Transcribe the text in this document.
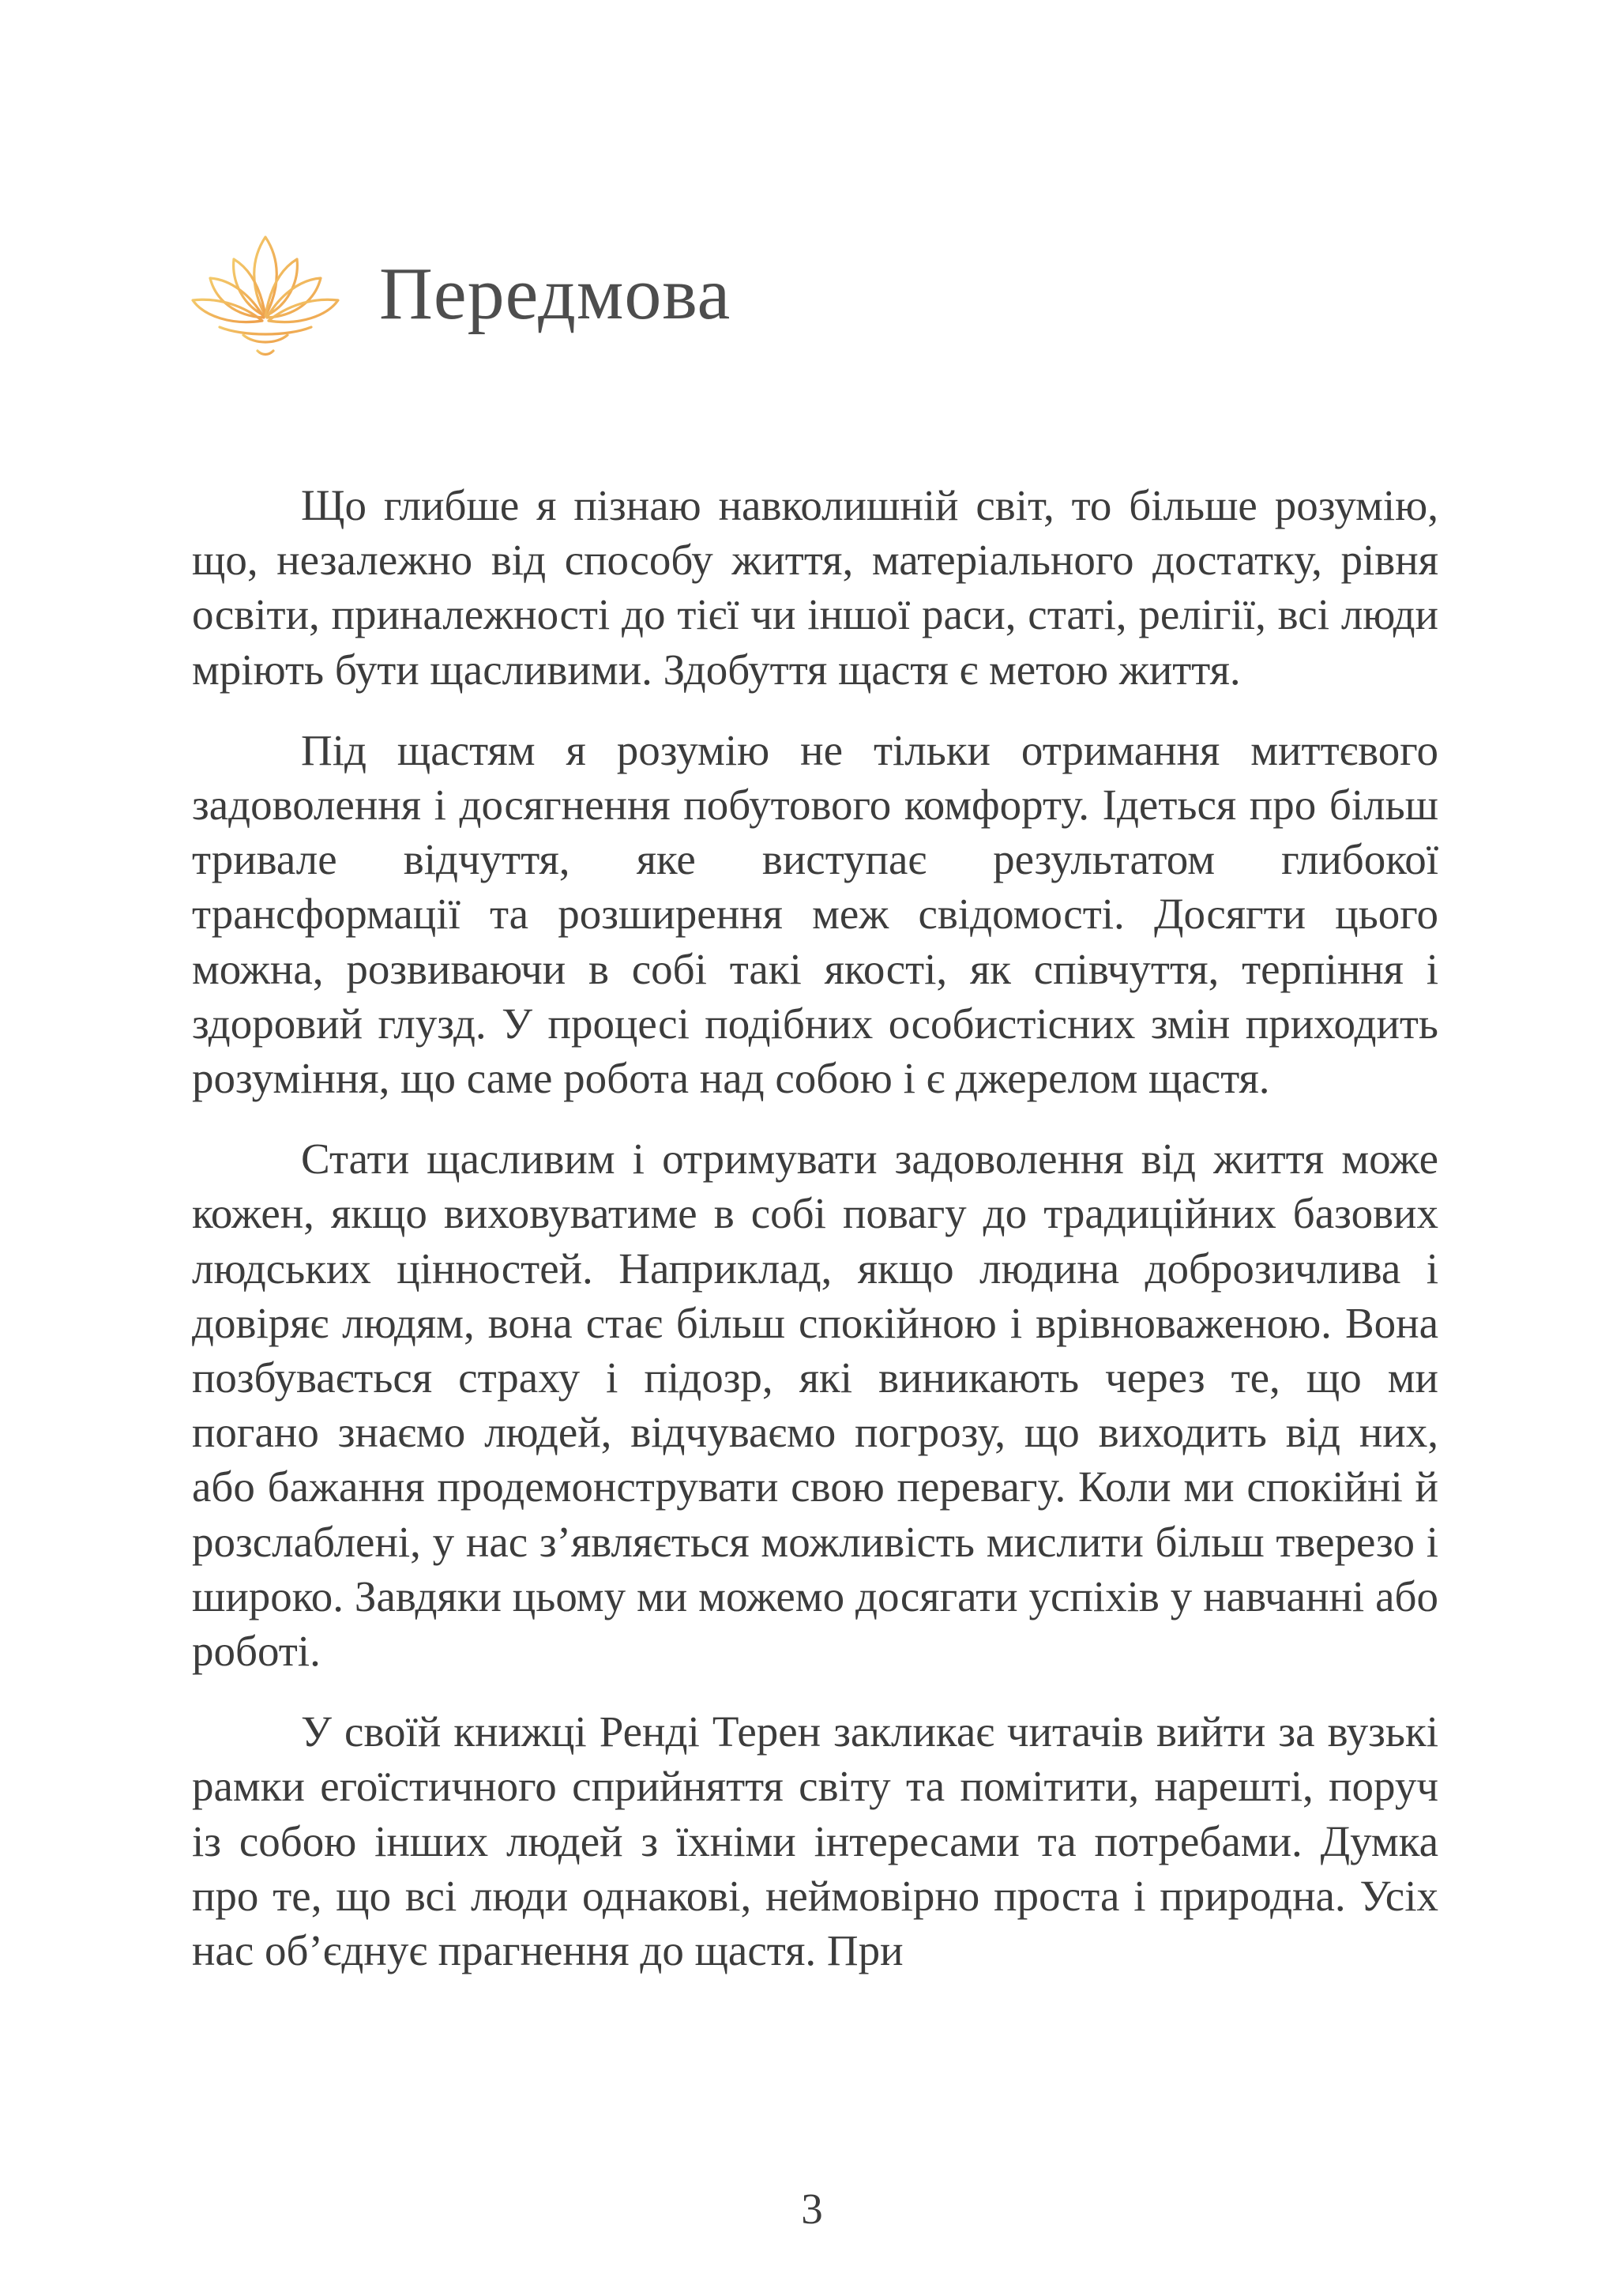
Передмова

Що глибше я пізнаю навколишній світ, то більше розумію, що, незалежно від способу життя, матеріального достатку, рівня освіти, приналежності до тієї чи іншої раси, статі, релігії, всі люди мріють бути щасливими. Здобуття щастя є метою життя.

Під щастям я розумію не тільки отримання миттєвого задоволення і досягнення побутового комфорту. Ідеться про більш тривале відчуття, яке виступає результатом глибокої трансформації та розширення меж свідомості. Досягти цього можна, розвиваючи в собі такі якості, як співчуття, терпіння і здоровий глузд. У процесі подібних особистісних змін приходить розуміння, що саме робота над собою і є джерелом щастя.

Стати щасливим і отримувати задоволення від життя може кожен, якщо виховуватиме в собі повагу до традиційних базових людських цінностей. Наприклад, якщо людина доброзичлива і довіряє людям, вона стає більш спокійною і врівноваженою. Вона позбувається страху і підозр, які виникають через те, що ми погано знаємо людей, відчуваємо погрозу, що виходить від них, або бажання продемонструвати свою перевагу. Коли ми спокійні й розслаблені, у нас з’являється можливість мислити більш тверезо і широко. Завдяки цьому ми можемо досягати успіхів у навчанні або роботі.

У своїй книжці Ренді Терен закликає читачів вийти за вузькі рамки егоїстичного сприйняття світу та помітити, нарешті, поруч із собою інших людей з їхніми інтересами та потребами. Думка про те, що всі люди однакові, неймовірно проста і природна. Усіх нас об’єднує прагнення до щастя. При

3
